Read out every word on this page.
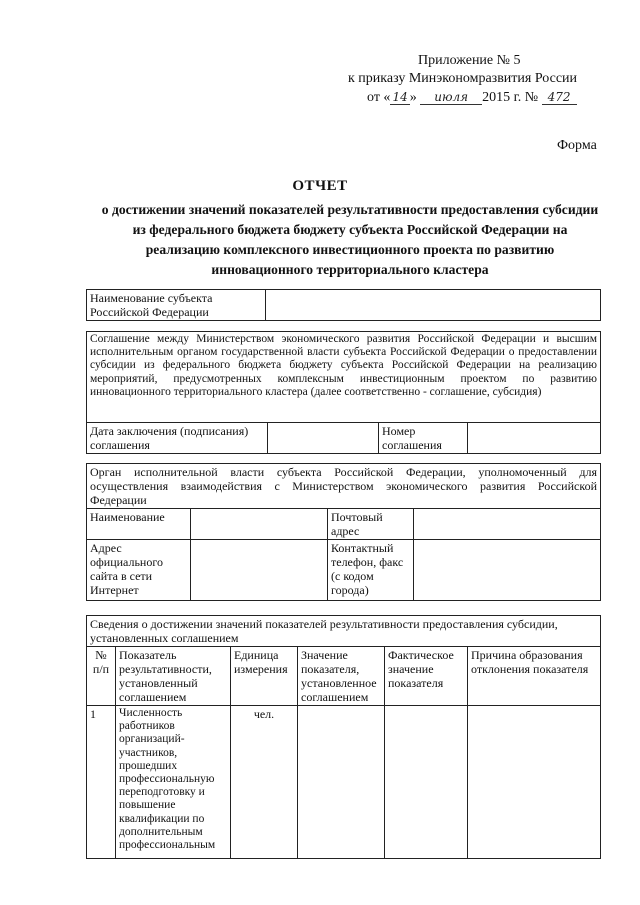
Приложение № 5
к приказу Минэкономразвития России
от « 14 » июля 2015 г. № 472
Форма
ОТЧЕТ
о достижении значений показателей результативности предоставления субсидии из федерального бюджета бюджету субъекта Российской Федерации на реализацию комплексного инвестиционного проекта по развитию инновационного территориального кластера
Наименование субъекта Российской Федерации	
Соглашение между Министерством экономического развития Российской Федерации и высшим исполнительным органом государственной власти субъекта Российской Федерации о предоставлении субсидии из федерального бюджета бюджету субъекта Российской Федерации на реализацию мероприятий, предусмотренных комплексным инвестиционным проектом по развитию инновационного территориального кластера (далее соответственно - соглашение, субсидия)
Дата заключения (подписания) соглашения		Номер соглашения	
Орган исполнительной власти субъекта Российской Федерации, уполномоченный для осуществления взаимодействия с Министерством экономического развития Российской Федерации			
Наименование		Почтовый адрес	
Адрес официального сайта в сети Интернет		Контактный телефон, факс (с кодом города)	
Сведения о достижении значений показателей результативности предоставления субсидии, установленных соглашением					
№ п/п	Показатель результативности, установленный соглашением	Единица измерения	Значение показателя, установленное соглашением	Фактическое значение показателя	Причина образования отклонения показателя
1	Численность работников организаций-участников, прошедших профессиональную переподготовку и повышение квалификации по дополнительным профессиональным	чел.			
